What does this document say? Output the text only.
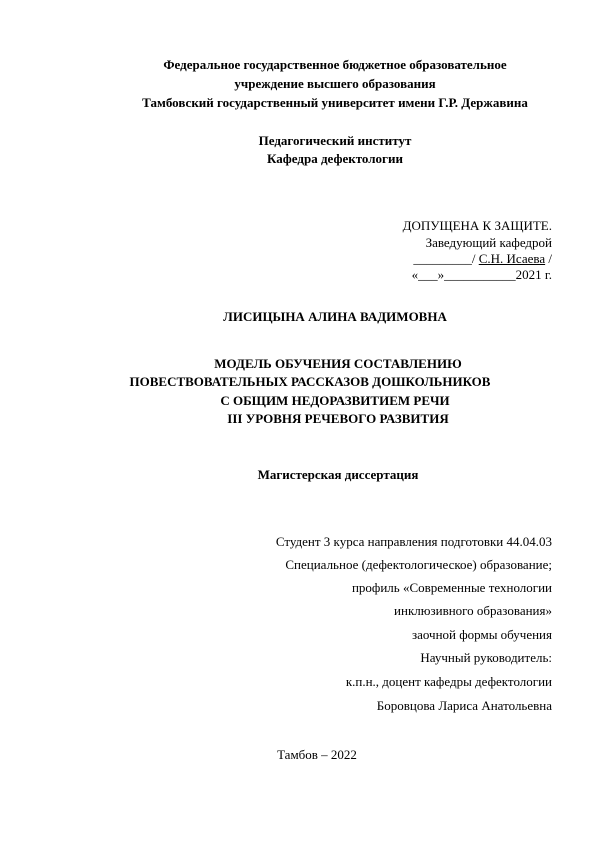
Федеральное государственное бюджетное образовательное
учреждение высшего образования
Тамбовский государственный университет имени Г.Р. Державина
Педагогический институт
Кафедра дефектологии
ДОПУЩЕНА К ЗАЩИТЕ.
Заведующий кафедрой
_________/ С.Н. Исаева /
«___»___________2021 г.
ЛИСИЦЫНА АЛИНА ВАДИМОВНА
МОДЕЛЬ ОБУЧЕНИЯ СОСТАВЛЕНИЮ
ПОВЕСТВОВАТЕЛЬНЫХ РАССКАЗОВ ДОШКОЛЬНИКОВ
С ОБЩИМ НЕДОРАЗВИТИЕМ РЕЧИ
III УРОВНЯ РЕЧЕВОГО РАЗВИТИЯ
Магистерская диссертация
Студент 3 курса направления подготовки 44.04.03
Специальное (дефектологическое) образование;
профиль «Современные технологии
инклюзивного образования»
заочной формы обучения
Научный руководитель:
к.п.н., доцент кафедры дефектологии
Боровцова Лариса Анатольевна
Тамбов – 2022
